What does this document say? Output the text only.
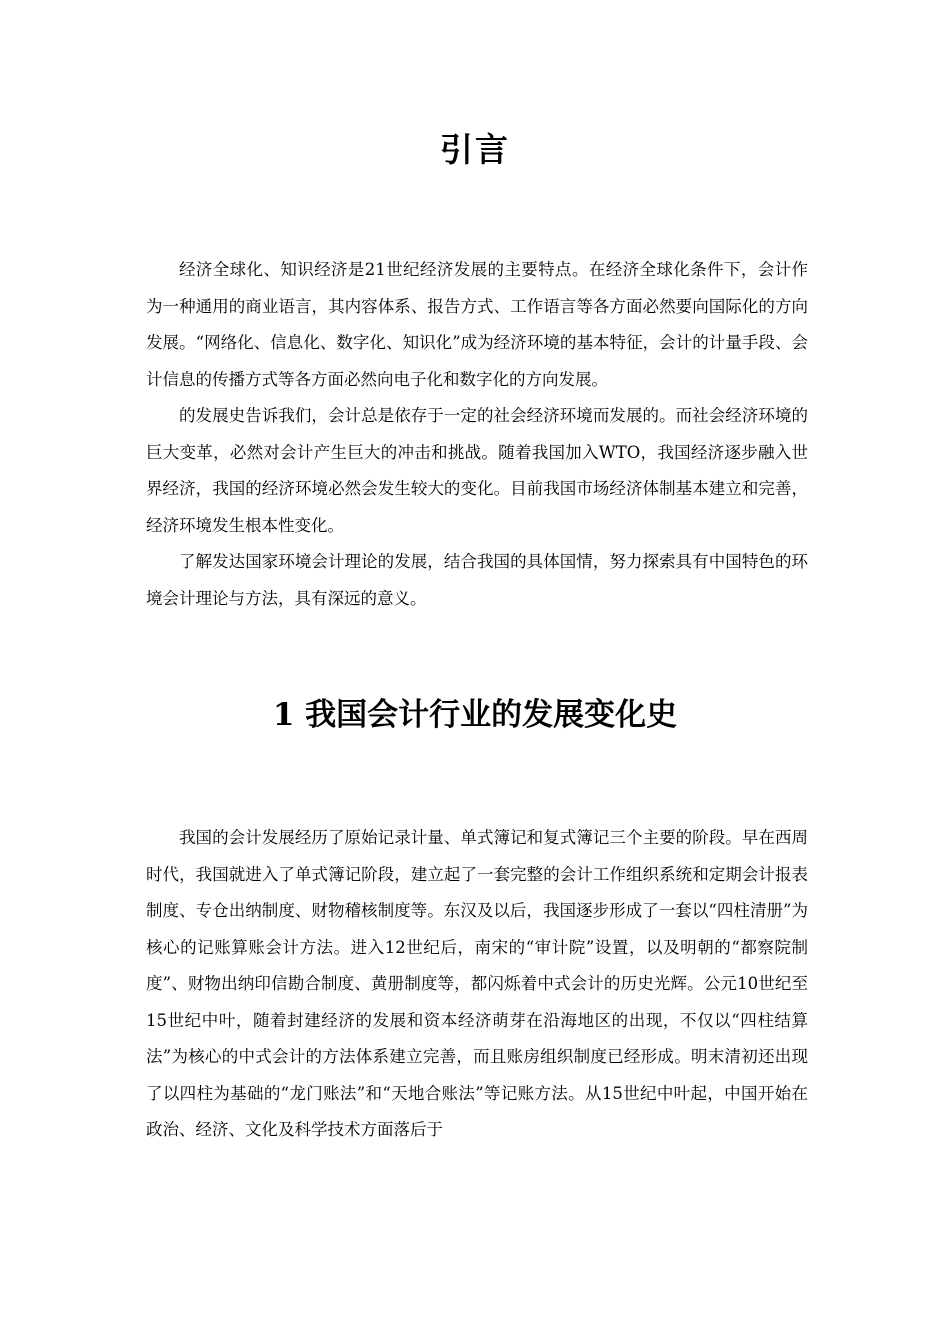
引言

经济全球化、知识经济是21世纪经济发展的主要特点。在经济全球化条件下，会计作为一种通用的商业语言，其内容体系、报告方式、工作语言等各方面必然要向国际化的方向发展。“网络化、信息化、数字化、知识化”成为经济环境的基本特征，会计的计量手段、会计信息的传播方式等各方面必然向电子化和数字化的方向发展。

的发展史告诉我们，会计总是依存于一定的社会经济环境而发展的。而社会经济环境的巨大变革，必然对会计产生巨大的冲击和挑战。随着我国加入WTO，我国经济逐步融入世界经济，我国的经济环境必然会发生较大的变化。目前我国市场经济体制基本建立和完善，经济环境发生根本性变化。

了解发达国家环境会计理论的发展，结合我国的具体国情，努力探索具有中国特色的环境会计理论与方法，具有深远的意义。

1 我国会计行业的发展变化史

我国的会计发展经历了原始记录计量、单式簿记和复式簿记三个主要的阶段。早在西周时代，我国就进入了单式簿记阶段，建立起了一套完整的会计工作组织系统和定期会计报表制度、专仓出纳制度、财物稽核制度等。东汉及以后，我国逐步形成了一套以“四柱清册”为核心的记账算账会计方法。进入12世纪后，南宋的“审计院”设置，以及明朝的“都察院制度”、财物出纳印信勘合制度、黄册制度等，都闪烁着中式会计的历史光辉。公元10世纪至15世纪中叶，随着封建经济的发展和资本经济萌芽在沿海地区的出现，不仅以“四柱结算法”为核心的中式会计的方法体系建立完善，而且账房组织制度已经形成。明末清初还出现了以四柱为基础的“龙门账法”和“天地合账法”等记账方法。从15世纪中叶起，中国开始在政治、经济、文化及科学技术方面落后于
